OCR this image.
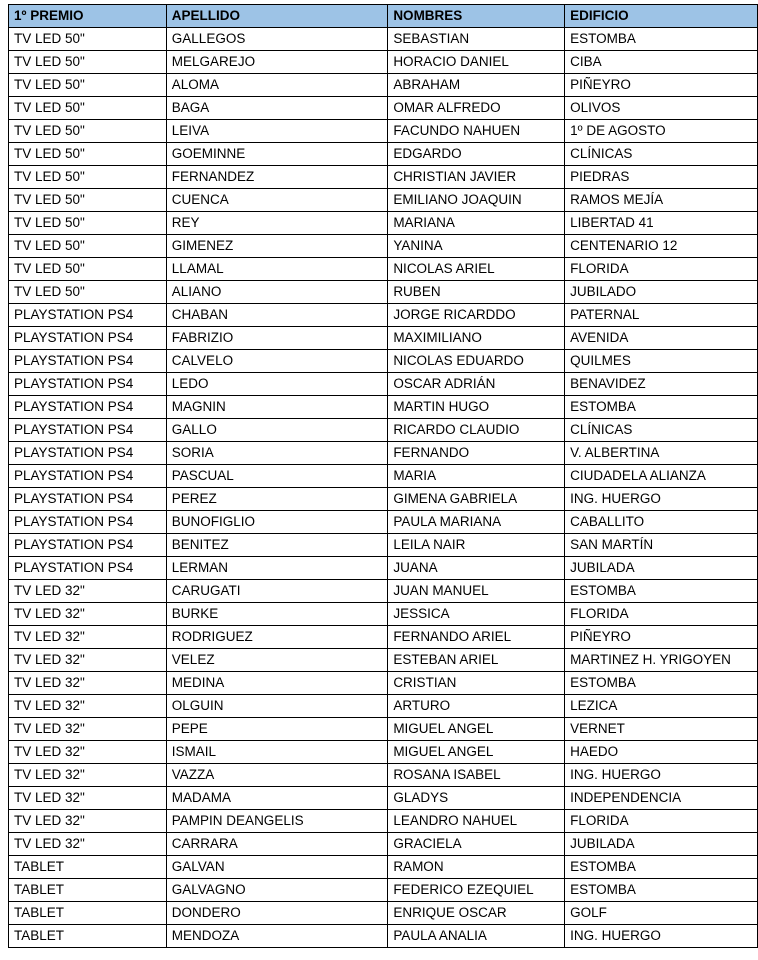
1º PREMIO	APELLIDO	NOMBRES	EDIFICIO
TV LED 50"	GALLEGOS	SEBASTIAN	ESTOMBA
TV LED 50"	MELGAREJO	HORACIO DANIEL	CIBA
TV LED 50"	ALOMA	ABRAHAM	PIÑEYRO
TV LED 50"	BAGA	OMAR ALFREDO	OLIVOS
TV LED 50"	LEIVA	FACUNDO NAHUEN	1º DE AGOSTO
TV LED 50"	GOEMINNE	EDGARDO	CLÍNICAS
TV LED 50"	FERNANDEZ	CHRISTIAN JAVIER	PIEDRAS
TV LED 50"	CUENCA	EMILIANO JOAQUIN	RAMOS MEJÍA
TV LED 50"	REY	MARIANA	LIBERTAD 41
TV LED 50"	GIMENEZ	YANINA	CENTENARIO 12
TV LED 50"	LLAMAL	NICOLAS ARIEL	FLORIDA
TV LED 50"	ALIANO	RUBEN	JUBILADO
PLAYSTATION PS4	CHABAN	JORGE RICARDDO	PATERNAL
PLAYSTATION PS4	FABRIZIO	MAXIMILIANO	AVENIDA
PLAYSTATION PS4	CALVELO	NICOLAS EDUARDO	QUILMES
PLAYSTATION PS4	LEDO	OSCAR ADRIÁN	BENAVIDEZ
PLAYSTATION PS4	MAGNIN	MARTIN HUGO	ESTOMBA
PLAYSTATION PS4	GALLO	RICARDO CLAUDIO	CLÍNICAS
PLAYSTATION PS4	SORIA	FERNANDO	V. ALBERTINA
PLAYSTATION PS4	PASCUAL	MARIA	CIUDADELA ALIANZA
PLAYSTATION PS4	PEREZ	GIMENA GABRIELA	ING. HUERGO
PLAYSTATION PS4	BUNOFIGLIO	PAULA MARIANA	CABALLITO
PLAYSTATION PS4	BENITEZ	LEILA NAIR	SAN MARTÍN
PLAYSTATION PS4	LERMAN	JUANA	JUBILADA
TV LED 32"	CARUGATI	JUAN MANUEL	ESTOMBA
TV LED 32"	BURKE	JESSICA	FLORIDA
TV LED 32"	RODRIGUEZ	FERNANDO ARIEL	PIÑEYRO
TV LED 32"	VELEZ	ESTEBAN ARIEL	MARTINEZ H. YRIGOYEN
TV LED 32"	MEDINA	CRISTIAN	ESTOMBA
TV LED 32"	OLGUIN	ARTURO	LEZICA
TV LED 32"	PEPE	MIGUEL ANGEL	VERNET
TV LED 32"	ISMAIL	MIGUEL ANGEL	HAEDO
TV LED 32"	VAZZA	ROSANA ISABEL	ING. HUERGO
TV LED 32"	MADAMA	GLADYS	INDEPENDENCIA
TV LED 32"	PAMPIN DEANGELIS	LEANDRO NAHUEL	FLORIDA
TV LED 32"	CARRARA	GRACIELA	JUBILADA
TABLET	GALVAN	RAMON	ESTOMBA
TABLET	GALVAGNO	FEDERICO EZEQUIEL	ESTOMBA
TABLET	DONDERO	ENRIQUE OSCAR	GOLF
TABLET	MENDOZA	PAULA ANALIA	ING. HUERGO
